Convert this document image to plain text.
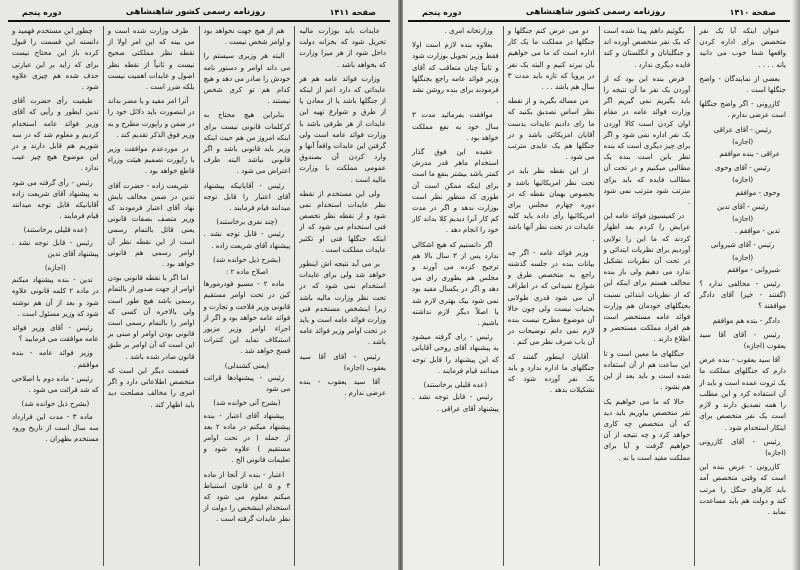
صفحه ۱۴۱۰
روزنامه رسمی کشور شاهنشاهی
دوره پنجم

عنوان اینکه آیا یک نفر متخصص برای اداره کردن واقعها شما خوب می دانید یانه . . . .

بعضی از نمایندگان - واضح جنگلها است .

کازرونی - اگر واضح جنگلها است عرضی ندارم .

رئیس - آقای عراقی

(اجازه)

عراقی - بنده موافقم

رئیس - آقای وحوی

(اجازه)

وحوی - موافقم

رئیس - آقای تدین

(اجازه)

تدین - موافقم .

رئیس - آقای شیروانی

(اجازه)

شیروانی - موافقم

رئیس - مخالفی ندارد ؟ (گفتند - خیر) آقای دادگر موافقند ؟

دادگر - بنده هم موافقم

رئیس - آقای آقا سید یعقوب (اجازه)

آقا سید یعقوب - بنده عرض دارم که جنگلهای مملکت ما یک ثروت عمده است و باید از آن استفاده کرد و این مطلب را همه تصدیق دارند و لازم است یک نفر متخصص برای اینکار استخدام شود .

رئیس - آقای کازرونی (اجازه)

کازرونی - عرض بنده این است که وقتی متخصص آمد باید کارهای جنگل را مرتب کند و دولت هم باید مساعدت نماید .

بگوئیم داهم پیدا شده است که یک نفر متخصص آورده اند و جنگلبانان و انگلستان و کند فایده دیگری ندارد .

فرض بنده این بود که از آوردن یک نفر ما آن نتیجه را باید بگیریم نمی گیریم اگر وزارت فوائد عامه در مقام اوان کردن است کالا آوردن یک نفر اداره نمی شود و اگر برای چیز دیگری است که بنده نظر باین است بنده یک مطالبی میکنیم و در تحت آن مطالب فایده که باید برای مترتب شود مترتب نمی شود .

در کمیسیون فوائد عامه این عرایض را کردم بعد اظهار کردند که ما این را تولایی آوردیم برای نظریات ابتدائی و در تحت آن نظریات تشکیل ندارد می دهیم ولی باز بنده مخالف هستم برای اینکه این که از نظریات ابتدائی نسبت بجنگلهای خودمان هم وزارت فوائد عامه مستحضر است هم افراد مملکت مستحضر و اطلاع دارند .

جنگلهای ما معین است و تا این ساعت هم از آن استفاده شده است و باید بعد از این هم بشود .

حالا که ما می خواهیم یک نفر متخصص بیاوریم باید دید که آن متخصص چه کاری خواهد کرد و چه نتیجه از آن خواهیم گرفت و آیا برای مملکت مفید است یا نه .

دو می عرض کنم جنگلها و جنگلها در مملکت ما یک کار اداره است که ما می خواهیم بآن ببرند کنیم و البته یک نفر در پروپا که تازه باید مدت ۳ سال هم باشد . . .

من مساله بگیرید و از نقطه نظر اساس تصدیق بکنید که ما رای دادیم عایدات بدست آقایان امریکائی باشد و در جنگلها هم یک عایدی مترتب می شود .

از این نقطه نظر باید در تحت نظر امریکائیها باشد و بخصوص بهمان نقطه که در دوره چهارم مجلس برای امریکائیها رأی داده باید کلیه عایدات در تحت نظر آنها باشد .

وزیر فوائد عامه - اگر چه بیانات بنده در جلسه گذشته راجع به متخصص طرق و شوارع نمیدانی که در اطراف آن می شود قدری طولانی بحثیات نیست ولی چون حالا آن موضوع مطرح نیست بنده لازم نمی دانم توضیحات در آن باب صرف نظر می کنم .

آقایان اینطور گفتند که جنگلهای ما اداره ندارد و باید یک نفر آورده شود که تشکیلات بدهد .

وزارتخانه امری .

بعلاوه بنده لازم است اولا فقط وزیر تحویل بوزارت شود و ثانیاً چنان متعاقب که آقای وزیر فوائد عامه راجع بجنگلها فرمودند برای بنده روشن نشد .

موافقت بفرمائید مدت ۳ سال خود به نفع مملکت خواهد بود .

عقیده این فوق گذار استخدام ماهر قدر مدرش کمتر باشد بیشتر بنفع ما است برای اینکه ممکن است آن طوری که منظور نظر است بوزارت ندهد و اگر در مدت کم کار آنرا دیدیم کلا بداند کار خود را انجام دهد .

اگر دانستیم که هیچ اشکالی ندارد پس از ۳ سال بالا هم ترجیح کرده می آورند و مجلس هم بطوری رای می دهد و اگر در یکسال مفید بود نمی شود بیک بهتری لازم شد یا اصلاً دیگر لازم نداشته باشیم .

رئیس - رای گرفته میشود به پیشنهاد آقای روحی آقایانی که این پیشنهاد را قابل توجه میدانند قیام فرمایند .

(عده قلیلی برخاستند)

رئیس - قابل توجه نشد . پیشنهاد آقای عراقی .

صفحه ۱۴۱۱
روزنامه رسمی کشور شاهنشاهی
دوره پنجم

عایدات باید بوزارت مالیه تحریل شود که بخزانه دولت داخل شود از هر میرا وزارت که بخواهد باشد .

وزارت فوائد عامه هم هر عایداتی که دارد اعم از اینکه از جنگلها باشد یا از معادن یا از طرق و شوارع تهیه این عایدات از هر طرفی باشد با وزارت فوائد عامه است ولی گرفتن این عایدات واقعاً آنها و وارد کردن آن بصندوق عمومی مملکت با وزارت مالیه است .

ولی این مستخدم از نقطه نظر عایدات استخدام نمی شود و از نقطه نظر تخصص فنی استخدام می شود که از اینکه جنگلها فنی او تکثیر عایدات مملکت است .

بر می آید نتیجه اش اینطور خواهد شد ولی برای عایدات استخدام نمی شود که در تحت نظر وزارت مالیه باشد زیرا اینشخص مستخدم فنی وزارت فوائد عامه است و باید در تحت اوامر وزیر فوائد عامه باشد .

رئیس - آقای آقا سید یعقوب (اجازه)

آقا سید یعقوب - بنده عرضی ندارم .

هم از هیچ جهت نخواهد بود و اوامر شخص نیست .

البته هر وزیری سیستم را می داند اوامر و دستور نامه خودش را صادر می دهد و هیچ کدام هم تو کری شخص نیستند .

بنابراین هیچ محتاج به کرکلمات قانونی نیست برای اینکه امروز من هم حیث اینکه وزیر باید قانونی باشد و اگر قانونی نباشد البته طرف اعتراض می شود .

رئیس - آقایانیکه پیشنهاد آقای اعتبار را قابل توجه میدانند قیام فرمایند .

(چند نفری برخاستند)

رئیس - قابل توجه نشد . پیشنهاد آقای شریعت زاده .

(بشرح ذیل خوانده شد)

اصلاح ماده ۲ :

ماده ۲ - مسیو فودرمورها کین در تحت اوامر مستقیم قانونی وزیر فلاحت و تجارت و فوائد عامه خواهد بود و اگر از اجراء اوامر وزیر مزبور استنکاف نماید این کنترات فسخ خواهد شد .

(یعنی کشندلی)

رئیس - پیشنهادها قرائت می شود

(بشرح آتی خوانده شد)

پیشنهاد آقای اعتبار - بنده پیشنهاد میکنم در ماده ۲ بعد از جمله ( در تحت اوامر مستقیم ) علاوه شود و تعلیمات قانونی الخ .

اعتبار - بنده از آنجا از ماده ۴ و ۵ این قانون استنباط میکنم معلوم می شود که استخدام اینشخص را دولت از نظر عایدات گرفته است .

طرف وزارت شده است و می بینه که این امر اولا از نقطه نظر مملکتی صحیح نیست و ثانیاً از نقطه نظر اصول و عایدات اهمیت نیست بلکه ضرر است .

آنرا امر مفید و یا مضر بداند در اینصورت باید دلائل خود را در ضمن و راپورت مطرح و به وزیر فوق الذکر تقدیم کند .

در موردعدم موافقت وزیر با راپورت تصمیم هیئت وزراء قاطع خواهد بود .

شریعت زاده - حضرت آقای تدین در ضمن مخالف بایش نهاد آقای اعتبار فرمودند که وزیر متصف بصفات قانونی یعنی قائل بالتمام رسمی است از این نقطه نظر آن اوامر رسمی هم قانونی خواهد بود .

اما اگر با نقطه قانونی بودن اوامر از جهت صدور از بالتمام رسمی باشد هیچ طور است ولی بالاخره آن کسی که اوامر را بالتمام رسمی است قانونی بودن اوامر او مبنی بر این است که آن اوامر بر طبق قانون صادر شده باشد .

قسمت دیگر این است که متخصص اطلاعاتی دارد و اگر امری را مخالف مصلحت دید باید اظهار کند .

چطور این مستخدم فهمید و دانسته این قسمت را قبول کرده باز این محتاج نیست برای که زاید بر این عبارتی حذف شده هم چیزی علاوه شود .

طیقیت رأی حضرت آقای تدین ایطور و رأیی که آقای وزیر فوائد عامه استخدام کردیم و معلوم شد که در سه شوریم هم قابل دارند و در این موضوع هیچ چیز عیب ندارد .

رئیس - رأی گرفته می شود به پیشنهاد آقای شریعت زاده آقایانیکه قابل توجه میدانند قیام فرمایند .

(عده قلیلی برخاستند)

رئیس - قابل توجه نشد . پیشنهاد آقای تدین

(اجازه)

تدین - بنده پیشنهاد میکنم در ماده ۲ کلمه قانونی علاوه شود و بعد از آن هم نوشته شود که وزیر مسئول است .

رئیس - آقای وزیر فوائد عامه موافقت می فرمایید ؟

وزیر فوائد عامه - بنده موافقم .

رئیس - ماده دوم با اصلاحی که شد قرائت می شود .

(بشرح ذیل خوانده شد)

ماده ۳ - مدت این قرارداد سه سال است از تاریخ ورود مستخدم بطهران .
